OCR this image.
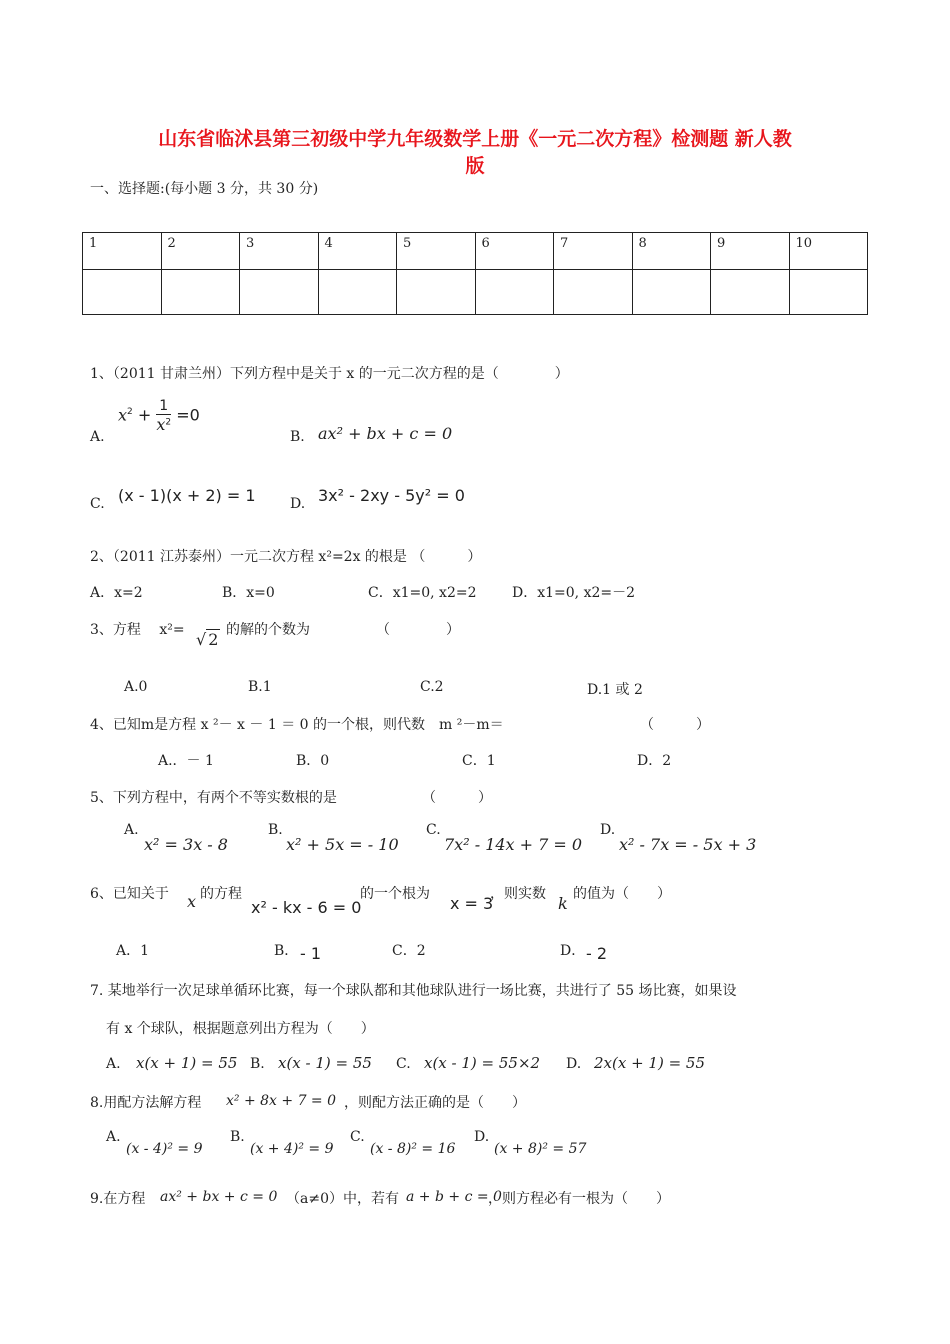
山东省临沭县第三初级中学九年级数学上册《一元二次方程》检测题 新人教
版
一、选择题:(每小题 3 分，共 30 分)
1	2	3	4	5	6	7	8	9	10

1、（2011 甘肃兰州）下列方程中是关于 x 的一元二次方程的是（　　　　）
A.
$x^2 + \frac{1}{x^2} =0$
B. ax² + bx + c = 0
C. (x - 1)(x + 2) = 1 D. 3x² - 2xy - 5y² = 0
2、（2011 江苏泰州）一元二次方程 x²=2x 的根是 （　　　）
A．x=2	B．x=0	C．x1=0, x2=2	D．x1=0, x2=－2
3、方程　 x²= √ 2 的解的个数为	（　　　　）
A.0	B.1	C.2	D.1 或 2
4、已知m是方程 x ²－ x － 1 ＝ 0 的一个根，则代数　m ²－m＝	（　　　）
A.．－ 1	B．0	C．1	D．2
5、下列方程中，有两个不等实数根的是	（　　　）
A.
x² = 3x - 8
B.
x² + 5x = - 10
C.
7x² - 14x + 7 = 0
D.
x² - 7x = - 5x + 3
6、已知关于 x 的方程
x² - kx - 6 = 0
的一个根为 x = 3
，则实数 k 的值为（　　）
A．1	B． - 1	C．2	D． - 2
7. 某地举行一次足球单循环比赛，每一个球队都和其他球队进行一场比赛，共进行了 55 场比赛，如果设
有 x 个球队，根据题意列出方程为（　　）
A. x(x + 1) = 55 B. x(x - 1) = 55 C. x(x - 1) = 55×2 D. 2x(x + 1) = 55
8.用配方法解方程 x² + 8x + 7 = 0 ，则配方法正确的是（　　）
A.
(x - 4)² = 9
B.
(x + 4)² = 9
C.
(x - 8)² = 16
D.
(x + 8)² = 57
9.在方程 ax² + bx + c = 0 （a≠0）中，若有 a + b + c = 0
，则方程必有一根为（　　）
